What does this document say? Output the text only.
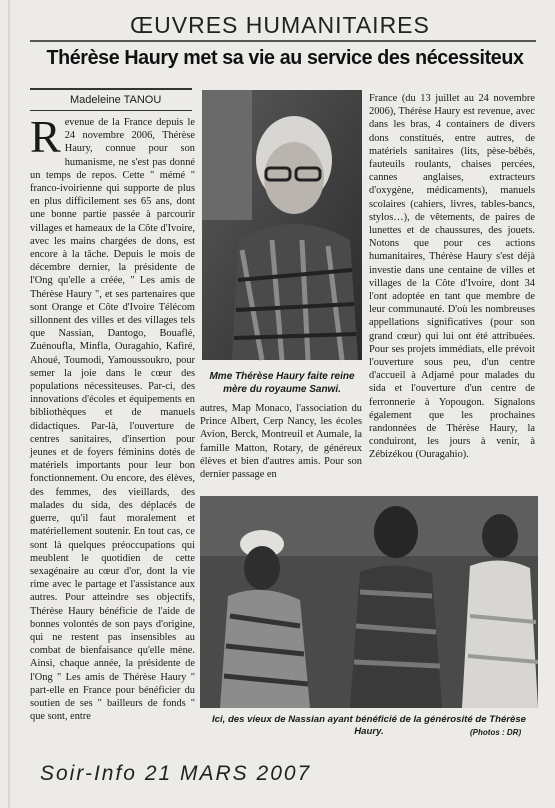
ŒUVRES HUMANITAIRES
Thérèse Haury met sa vie au service des nécessiteux
Madeleine TANOU
Revenue de la France depuis le 24 novembre 2006, Thérèse Haury, connue pour son humanisme, ne s'est pas donné un temps de repos. Cette " mémé " franco-ivoirienne qui supporte de plus en plus difficilement ses 65 ans, dont une bonne partie passée à parcourir villages et hameaux de la Côte d'Ivoire, avec les mains chargées de dons, est encore à la tâche. Depuis le mois de décembre dernier, la présidente de l'Ong qu'elle a créée, " Les amis de Thérèse Haury ", et ses partenaires que sont Orange et Côte d'Ivoire Télécom sillonnent des villes et des villages tels que Nassian, Dantogo, Bouaflé, Zuénoufla, Minfla, Ouragahio, Kafiré, Ahoué, Toumodi, Yamoussoukro, pour semer la joie dans le cœur des populations nécessiteuses. Par-ci, des innovations d'écoles et équipements en bibliothèques et de manuels didactiques. Par-là, l'ouverture de centres sanitaires, d'insertion pour jeunes et de foyers féminins dotés de matériels importants pour leur bon fonctionnement. Ou encore, des élèves, des femmes, des vieillards, des malades du sida, des déplacés de guerre, qu'il faut moralement et matériellement soutenir. En tout cas, ce sont là quelques préoccupations qui meublent le quotidien de cette sexagénaire au cœur d'or, dont la vie rime avec le partage et l'assistance aux autres. Pour atteindre ses objectifs, Thérèse Haury bénéficie de l'aide de bonnes volontés de son pays d'origine, qui ne restent pas insensibles au combat de bienfaisance qu'elle mène. Ainsi, chaque année, la présidente de l'Ong " Les amis de Thérèse Haury " part-elle en France pour bénéficier du soutien de ses " bailleurs de fonds " que sont, entre
Mme Thérèse Haury faite reine mère du royaume Sanwi.
autres, Map Monaco, l'association du Prince Albert, Cerp Nancy, les écoles Avion, Berck, Montreuil et Aumale, la famille Matton, Rotary, de généreux élèves et bien d'autres amis. Pour son dernier passage en
France (du 13 juillet au 24 novembre 2006), Thérèse Haury est revenue, avec dans les bras, 4 containers de divers dons constitués, entre autres, de matériels sanitaires (lits, pèse-bébés, fauteuils roulants, chaises percées, cannes anglaises, extracteurs d'oxygène, médicaments), manuels scolaires (cahiers, livres, tables-bancs, stylos…), de vêtements, de paires de lunettes et de chaussures, des jouets. Notons que pour ces actions humanitaires, Thérèse Haury s'est déjà investie dans une centaine de villes et villages de la Côte d'Ivoire, dont 34 l'ont adoptée en tant que membre de leur communauté. D'où les nombreuses appellations significatives (pour son grand cœur) qui lui ont été attribuées. Pour ses projets immédiats, elle prévoit l'ouverture sous peu, d'un centre d'accueil à Adjamé pour malades du sida et l'ouverture d'un centre de ferronnerie à Yopougon. Signalons également que les prochaines randonnées de Thérèse Haury, la conduiront, les jours à venir, à Zébizékou (Ouragahio).
Ici, des vieux de Nassian ayant bénéficié de la générosité de Thérèse Haury.	(Photos : DR)
Soir-Info 21 MARS 2007
